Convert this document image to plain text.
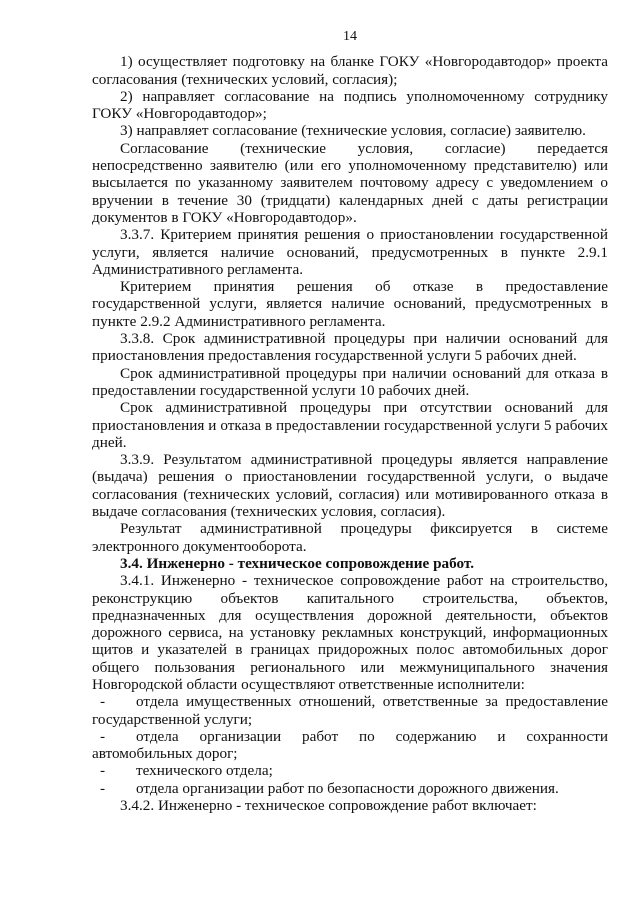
14

1) осуществляет подготовку на бланке ГОКУ «Новгородавтодор» проекта согласования (технических условий, согласия);

2) направляет согласование на подпись уполномоченному сотруднику ГОКУ «Новгородавтодор»;

3) направляет согласование (технические условия, согласие) заявителю.

Согласование (технические условия, согласие) передается непосредственно заявителю (или его уполномоченному представителю) или высылается по указанному заявителем почтовому адресу с уведомлением о вручении в течение 30 (тридцати) календарных дней с даты регистрации документов в ГОКУ «Новгородавтодор».

3.3.7. Критерием принятия решения о приостановлении государственной услуги, является наличие оснований, предусмотренных в пункте 2.9.1 Административного регламента.

Критерием принятия решения об отказе в предоставление государственной услуги, является наличие оснований, предусмотренных в пункте 2.9.2 Административного регламента.

3.3.8. Срок административной процедуры при наличии оснований для приостановления предоставления государственной услуги 5 рабочих дней.

Срок административной процедуры при наличии оснований для отказа в предоставлении государственной услуги 10 рабочих дней.

Срок административной процедуры при отсутствии оснований для приостановления и отказа в предоставлении государственной услуги 5 рабочих дней.

3.3.9. Результатом административной процедуры является направление (выдача) решения о приостановлении государственной услуги, о выдаче согласования (технических условий, согласия) или мотивированного отказа в выдаче согласования (технических условия, согласия).

Результат административной процедуры фиксируется в системе электронного документооборота.

3.4. Инженерно - техническое сопровождение работ.

3.4.1. Инженерно - техническое сопровождение работ на строительство, реконструкцию объектов капитального строительства, объектов, предназначенных для осуществления дорожной деятельности, объектов дорожного сервиса, на установку рекламных конструкций, информационных щитов и указателей в границах придорожных полос автомобильных дорог общего пользования регионального или межмуниципального значения Новгородской области осуществляют ответственные исполнители:

- отдела имущественных отношений, ответственные за предоставление государственной услуги;

- отдела организации работ по содержанию и сохранности автомобильных дорог;

- технического отдела;

- отдела организации работ по безопасности дорожного движения.

3.4.2. Инженерно - техническое сопровождение работ включает:
